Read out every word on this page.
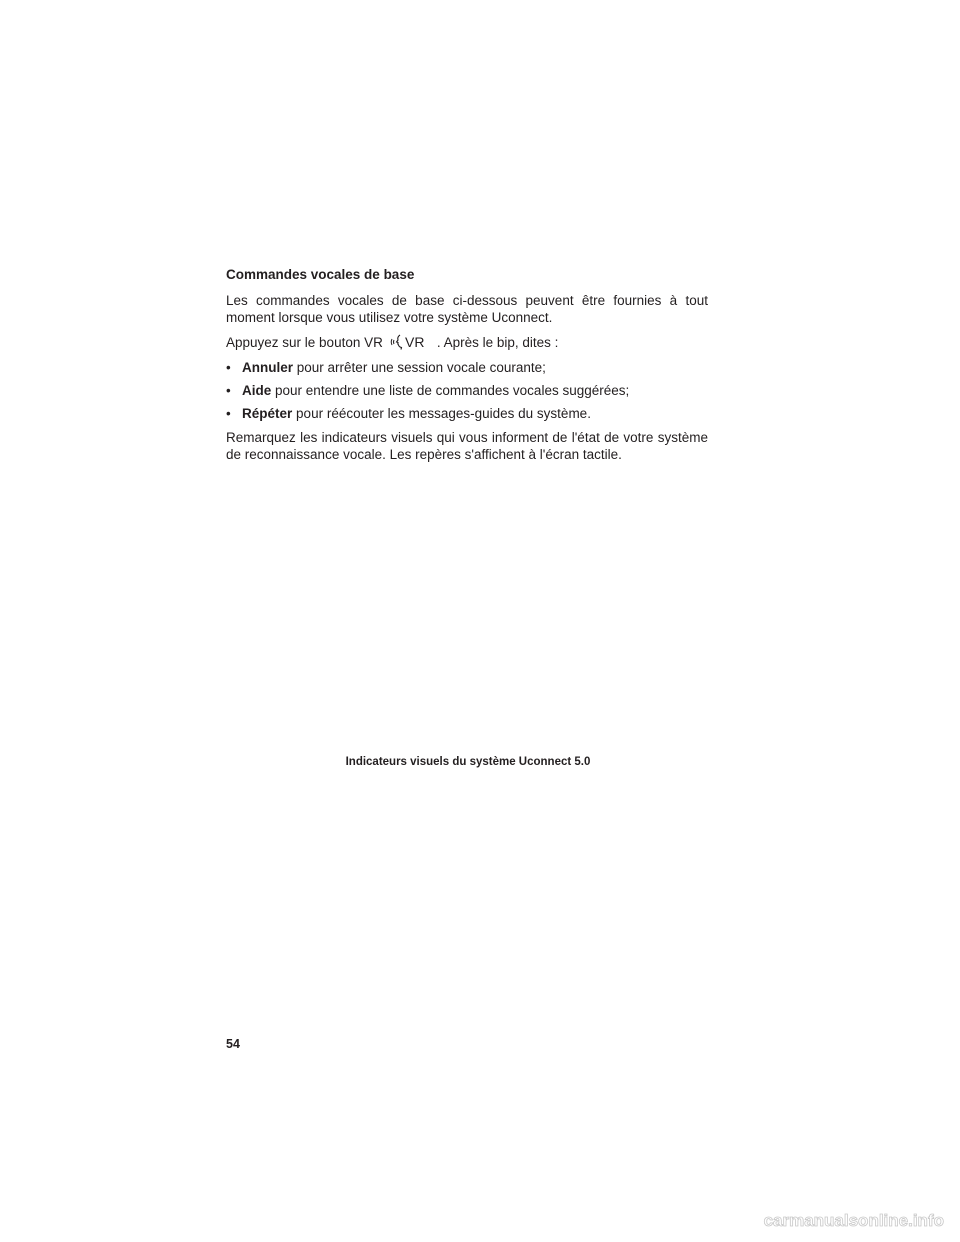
Commandes vocales de base

Les commandes vocales de base ci-dessous peuvent être fournies à tout moment lorsque vous utilisez votre système Uconnect.

Appuyez sur le bouton VR VR . Après le bip, dites :
• Annuler pour arrêter une session vocale courante;
• Aide pour entendre une liste de commandes vocales suggérées;
• Répéter pour réécouter les messages-guides du système.

Remarquez les indicateurs visuels qui vous informent de l'état de votre système de reconnaissance vocale. Les repères s'affichent à l'écran tactile.

Indicateurs visuels du système Uconnect 5.0
54
carmanualsonline.info
